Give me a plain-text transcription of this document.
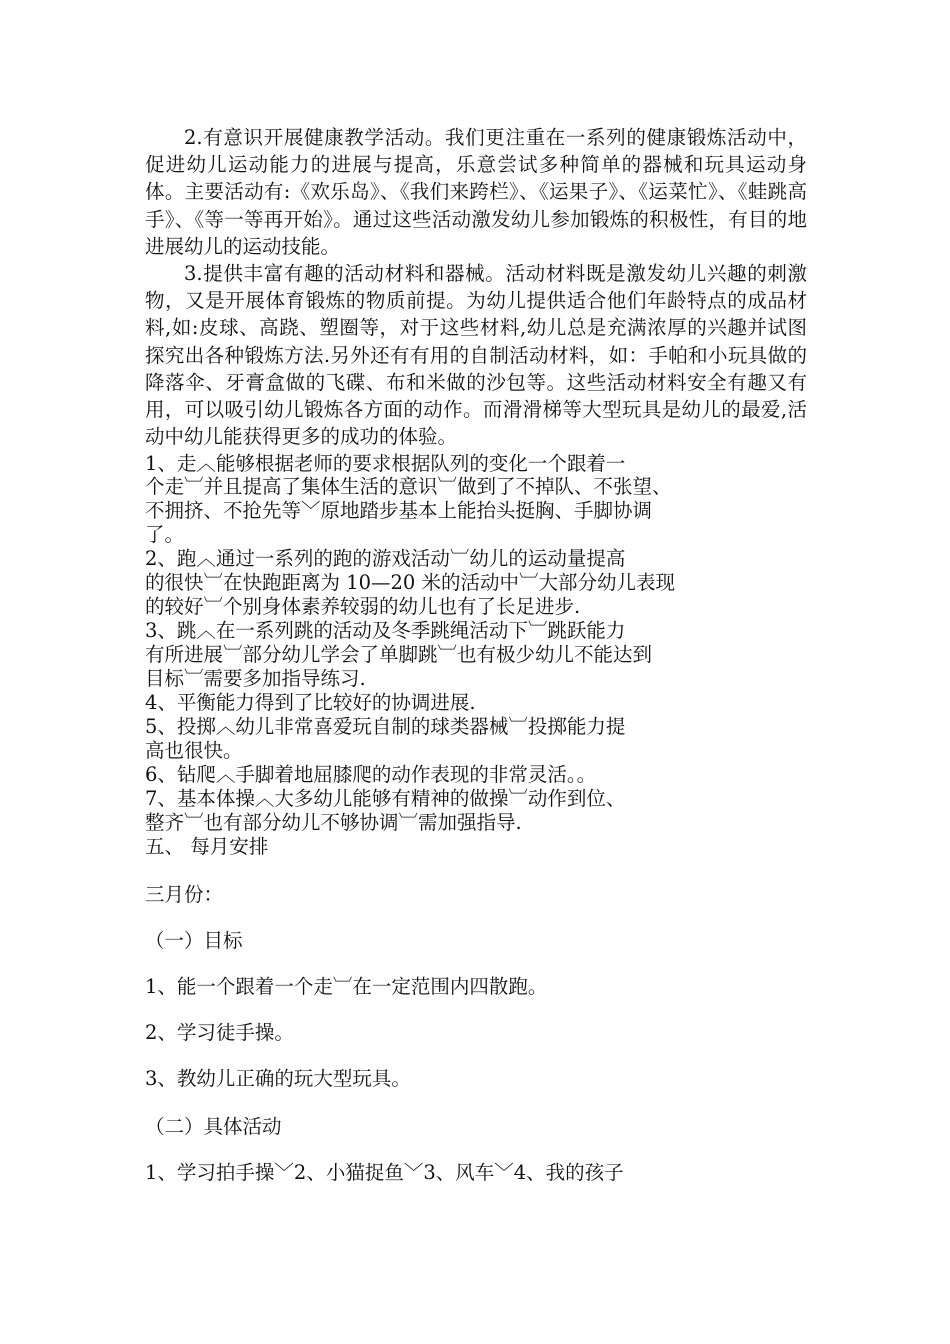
2.有意识开展健康教学活动。我们更注重在一系列的健康锻炼活动中，促进幼儿运动能力的进展与提高，乐意尝试多种简单的器械和玩具运动身体。主要活动有:《欢乐岛》、《我们来跨栏》、《运果子》、《运菜忙》、《蛙跳高手》、《等一等再开始》。通过这些活动激发幼儿参加锻炼的积极性，有目的地进展幼儿的运动技能。

3.提供丰富有趣的活动材料和器械。活动材料既是激发幼儿兴趣的刺激物，又是开展体育锻炼的物质前提。为幼儿提供适合他们年龄特点的成品材料,如:皮球、高跷、塑圈等，对于这些材料,幼儿总是充满浓厚的兴趣并试图探究出各种锻炼方法.另外还有有用的自制活动材料，如：手帕和小玩具做的降落伞、牙膏盒做的飞碟、布和米做的沙包等。这些活动材料安全有趣又有用，可以吸引幼儿锻炼各方面的动作。而滑滑梯等大型玩具是幼儿的最爱,活动中幼儿能获得更多的成功的体验。

1、走︿能够根据老师的要求根据队列的变化一个跟着一
个走︺并且提高了集体生活的意识︺做到了不掉队、不张望、
不拥挤、不抢先等﹀原地踏步基本上能抬头挺胸、手脚协调
了。
2、跑︿通过一系列的跑的游戏活动︺幼儿的运动量提高
的很快︺在快跑距离为 10—20 米的活动中︺大部分幼儿表现
的较好︺个别身体素养较弱的幼儿也有了长足进步.
3、跳︿在一系列跳的活动及冬季跳绳活动下︺跳跃能力
有所进展︺部分幼儿学会了单脚跳︺也有极少幼儿不能达到
目标︺需要多加指导练习.
4、平衡能力得到了比较好的协调进展.
5、投掷︿幼儿非常喜爱玩自制的球类器械︺投掷能力提
高也很快。
6、钻爬︿手脚着地屈膝爬的动作表现的非常灵活。。
7、基本体操︿大多幼儿能够有精神的做操︺动作到位、
整齐︺也有部分幼儿不够协调︺需加强指导.
五、 每月安排
三月份：
（一）目标
1、能一个跟着一个走︺在一定范围内四散跑。
2、学习徒手操。
3、教幼儿正确的玩大型玩具。
（二）具体活动
1、学习拍手操﹀2、小猫捉鱼﹀3、风车﹀4、我的孩子
